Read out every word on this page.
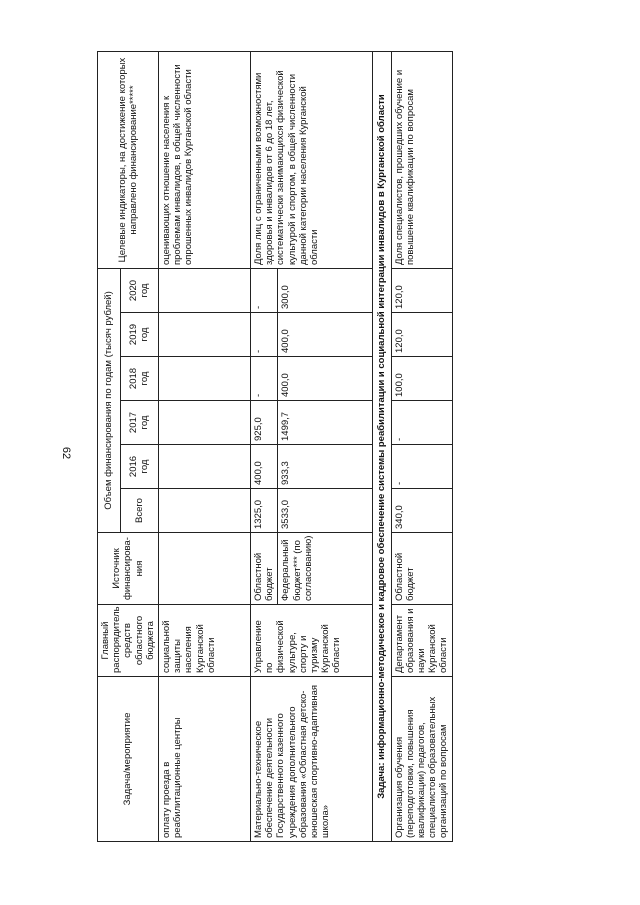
62
Задача/мероприятие	Главный распорядитель средств областного бюджета	Источник финансирова-ния	Объем финансирования по годам (тысяч рублей)						Целевые индикаторы, на достижение которых направлено финансирование*****
			Всего	2016 год	2017 год	2018 год	2019 год	2020 год	
оплату проезда в реабилитационные центры	социальной защиты населения Курганской области								оценивающих отношение населения к проблемам инвалидов, в общей численности опрошенных инвалидов Курганской области
Материально-техническое обеспечение деятельности Государственного казенного учреждения дополнительного образования «Областная детско-юношеская спортивно-адаптивная школа»	Управление по физической культуре, спорту и туризму Курганской области	Областной бюджет	1325,0	400,0	925,0	-	-	-	Доля лиц с ограниченными возможностями здоровья и инвалидов от 6 до 18 лет, систематически занимающихся физической культурой и спортом, в общей численности данной категории населения Курганской области
		Федеральный бюджет*** (по согласованию)	3533,0	933,3	1499,7	400,0	400,0	300,0	
Задача: информационно-методическое и кадровое обеспечение системы реабилитации и социальной интеграции инвалидов в Курганской области									
Организация обучения (переподготовки, повышения квалификации) педагогов, специалистов образовательных организаций по вопросам	Департамент образования и науки Курганской области	Областной бюджет	340,0	-	-	100,0	120,0	120,0	Доля специалистов, прошедших обучение и повышение квалификации по вопросам
